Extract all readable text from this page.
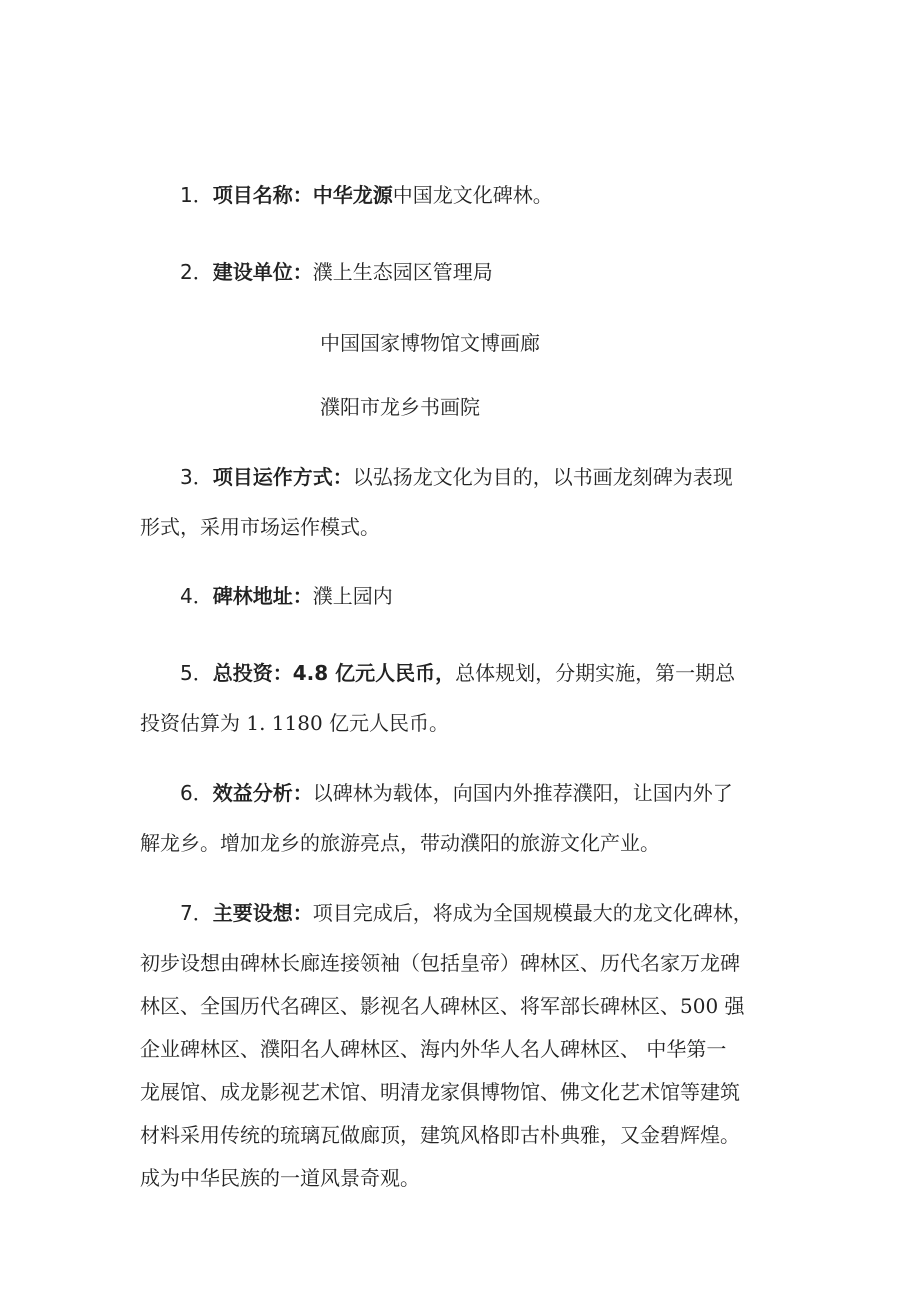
1．项目名称：中华龙源中国龙文化碑林。
2．建设单位：濮上生态园区管理局
中国国家博物馆文博画廊
濮阳市龙乡书画院
3．项目运作方式：以弘扬龙文化为目的，以书画龙刻碑为表现
形式，采用市场运作模式。
4．碑林地址：濮上园内
5．总投资：4.8 亿元人民币，总体规划，分期实施，第一期总
投资估算为 1. 1180 亿元人民币。
6．效益分析：以碑林为载体，向国内外推荐濮阳，让国内外了
解龙乡。增加龙乡的旅游亮点，带动濮阳的旅游文化产业。
7．主要设想：项目完成后，将成为全国规模最大的龙文化碑林，
初步设想由碑林长廊连接领袖（包括皇帝）碑林区、历代名家万龙碑
林区、全国历代名碑区、影视名人碑林区、将军部长碑林区、500 强
企业碑林区、濮阳名人碑林区、海内外华人名人碑林区、 中华第一
龙展馆、成龙影视艺术馆、明清龙家俱博物馆、佛文化艺术馆等建筑
材料采用传统的琉璃瓦做廊顶，建筑风格即古朴典雅，又金碧辉煌。
成为中华民族的一道风景奇观。
